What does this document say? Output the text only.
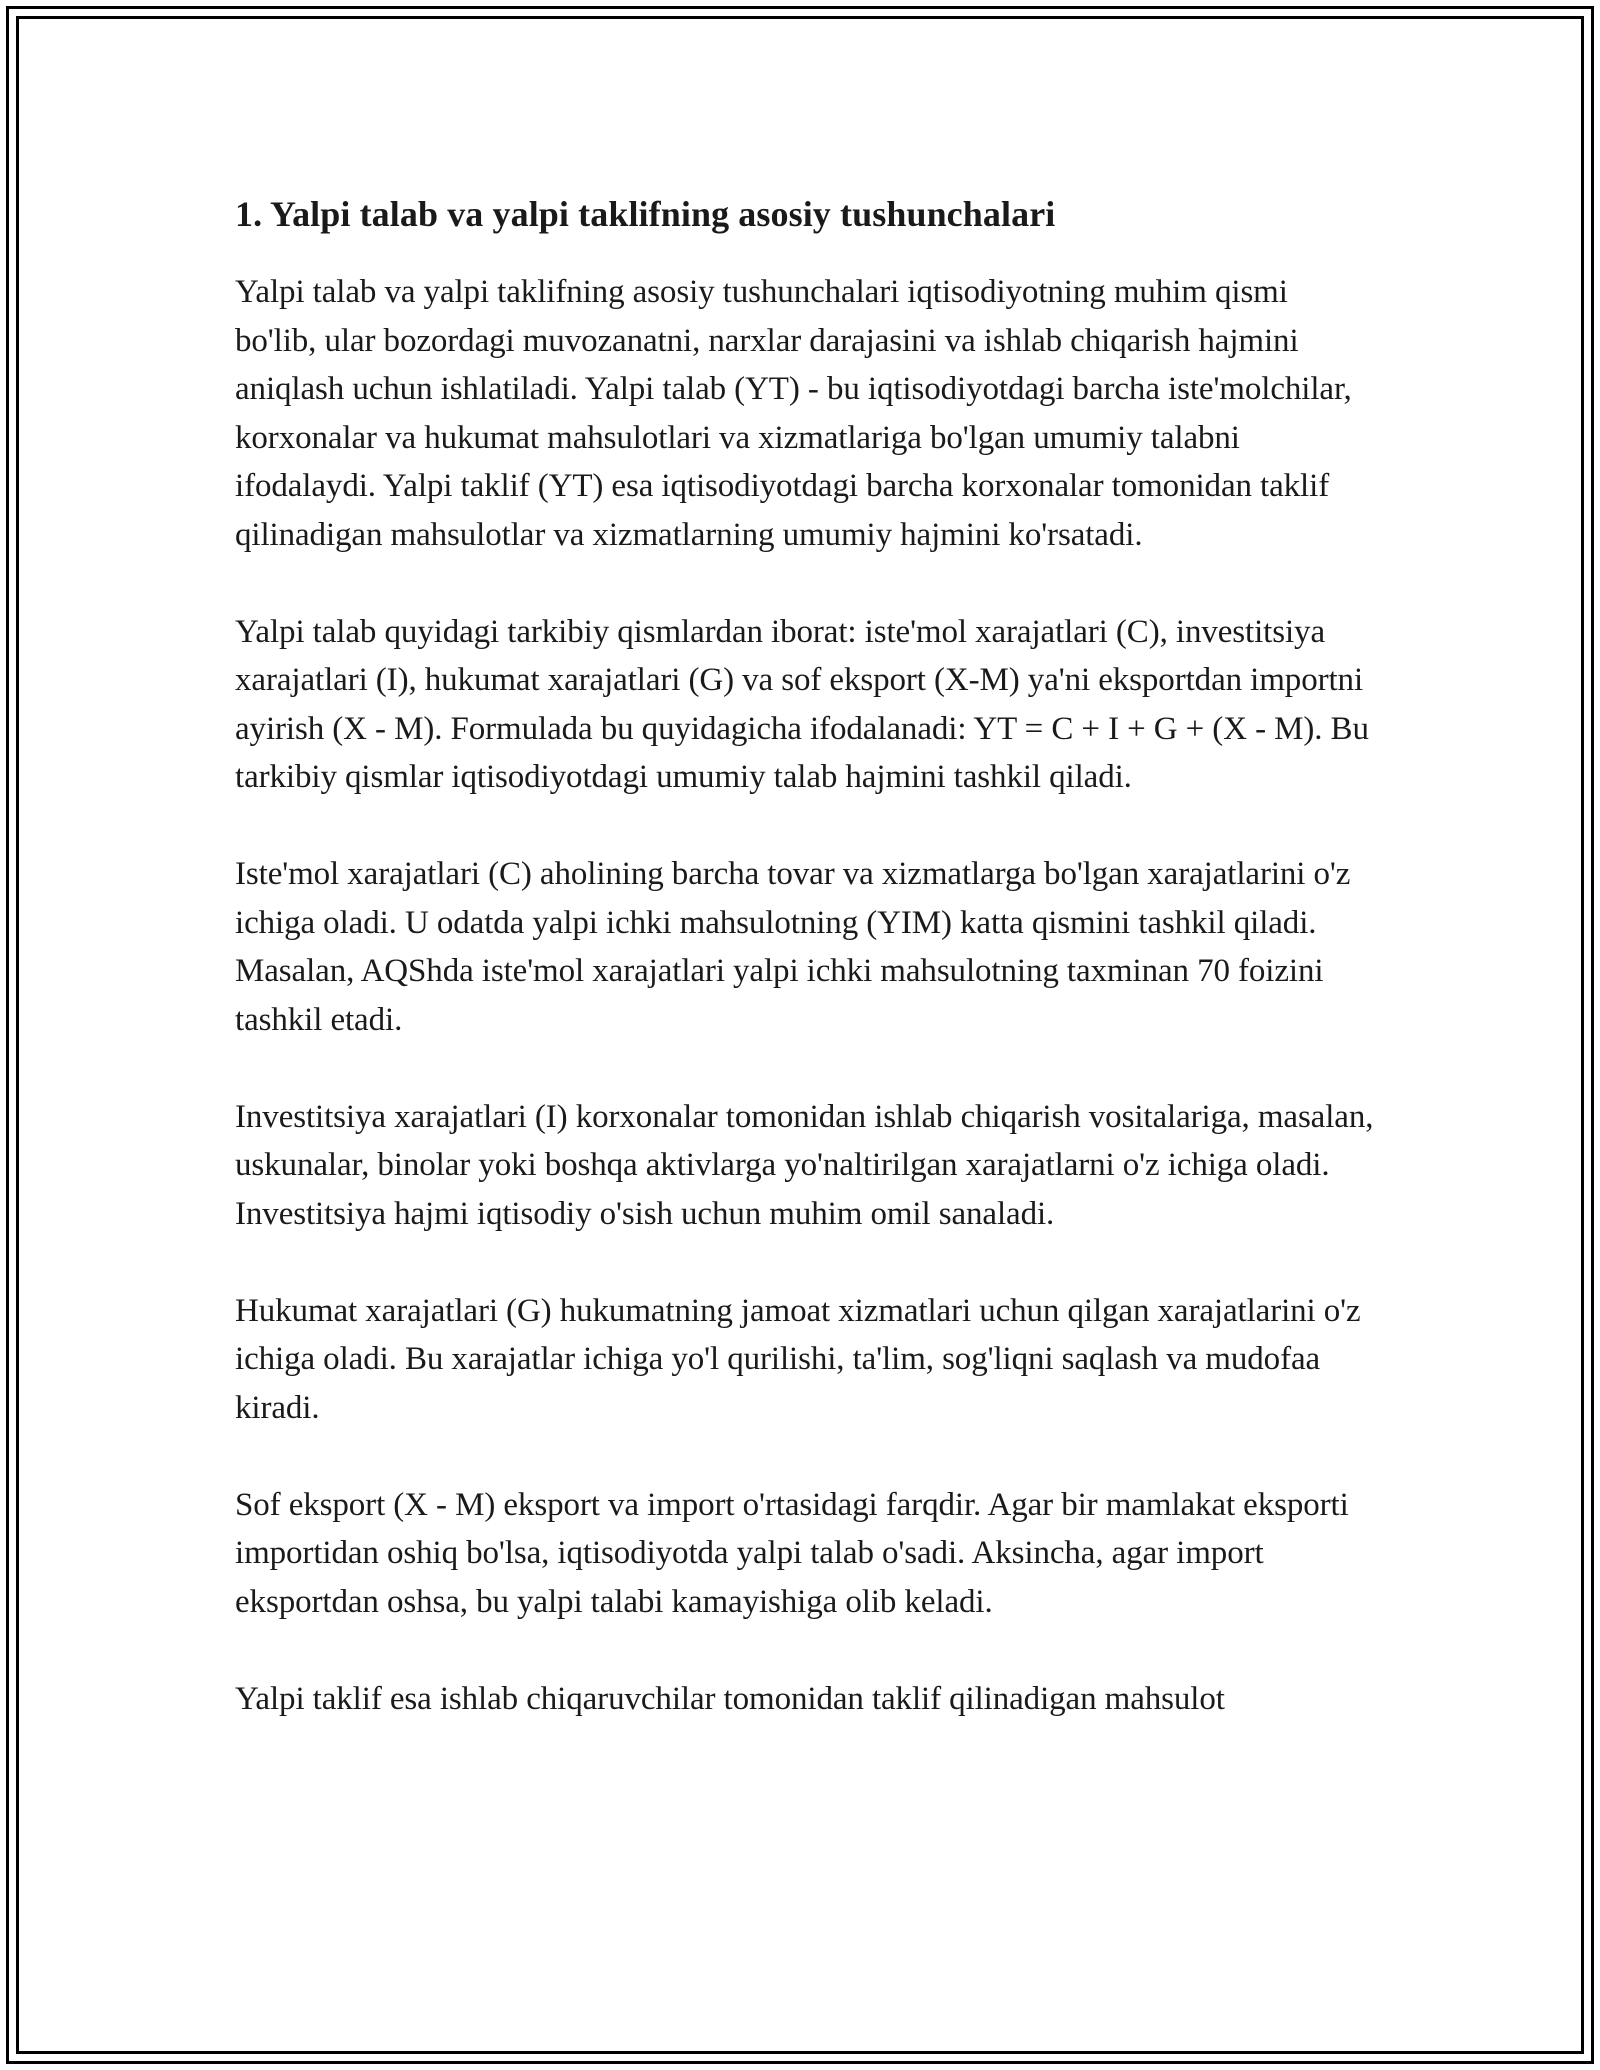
1. Yalpi talab va yalpi taklifning asosiy tushunchalari

Yalpi talab va yalpi taklifning asosiy tushunchalari iqtisodiyotning muhim qismi bo'lib, ular bozordagi muvozanatni, narxlar darajasini va ishlab chiqarish hajmini aniqlash uchun ishlatiladi. Yalpi talab (YT) - bu iqtisodiyotdagi barcha iste'molchilar, korxonalar va hukumat mahsulotlari va xizmatlariga bo'lgan umumiy talabni ifodalaydi. Yalpi taklif (YT) esa iqtisodiyotdagi barcha korxonalar tomonidan taklif qilinadigan mahsulotlar va xizmatlarning umumiy hajmini ko'rsatadi.

Yalpi talab quyidagi tarkibiy qismlardan iborat: iste'mol xarajatlari (C), investitsiya xarajatlari (I), hukumat xarajatlari (G) va sof eksport (X-M) ya'ni eksportdan importni ayirish (X - M). Formulada bu quyidagicha ifodalanadi: YT = C + I + G + (X - M). Bu tarkibiy qismlar iqtisodiyotdagi umumiy talab hajmini tashkil qiladi.

Iste'mol xarajatlari (C) aholining barcha tovar va xizmatlarga bo'lgan xarajatlarini o'z ichiga oladi. U odatda yalpi ichki mahsulotning (YIM) katta qismini tashkil qiladi. Masalan, AQShda iste'mol xarajatlari yalpi ichki mahsulotning taxminan 70 foizini tashkil etadi.

Investitsiya xarajatlari (I) korxonalar tomonidan ishlab chiqarish vositalariga, masalan, uskunalar, binolar yoki boshqa aktivlarga yo'naltirilgan xarajatlarni o'z ichiga oladi. Investitsiya hajmi iqtisodiy o'sish uchun muhim omil sanaladi.

Hukumat xarajatlari (G) hukumatning jamoat xizmatlari uchun qilgan xarajatlarini o'z ichiga oladi. Bu xarajatlar ichiga yo'l qurilishi, ta'lim, sog'liqni saqlash va mudofaa kiradi.

Sof eksport (X - M) eksport va import o'rtasidagi farqdir. Agar bir mamlakat eksporti importidan oshiq bo'lsa, iqtisodiyotda yalpi talab o'sadi. Aksincha, agar import eksportdan oshsa, bu yalpi talabi kamayishiga olib keladi.

Yalpi taklif esa ishlab chiqaruvchilar tomonidan taklif qilinadigan mahsulot
